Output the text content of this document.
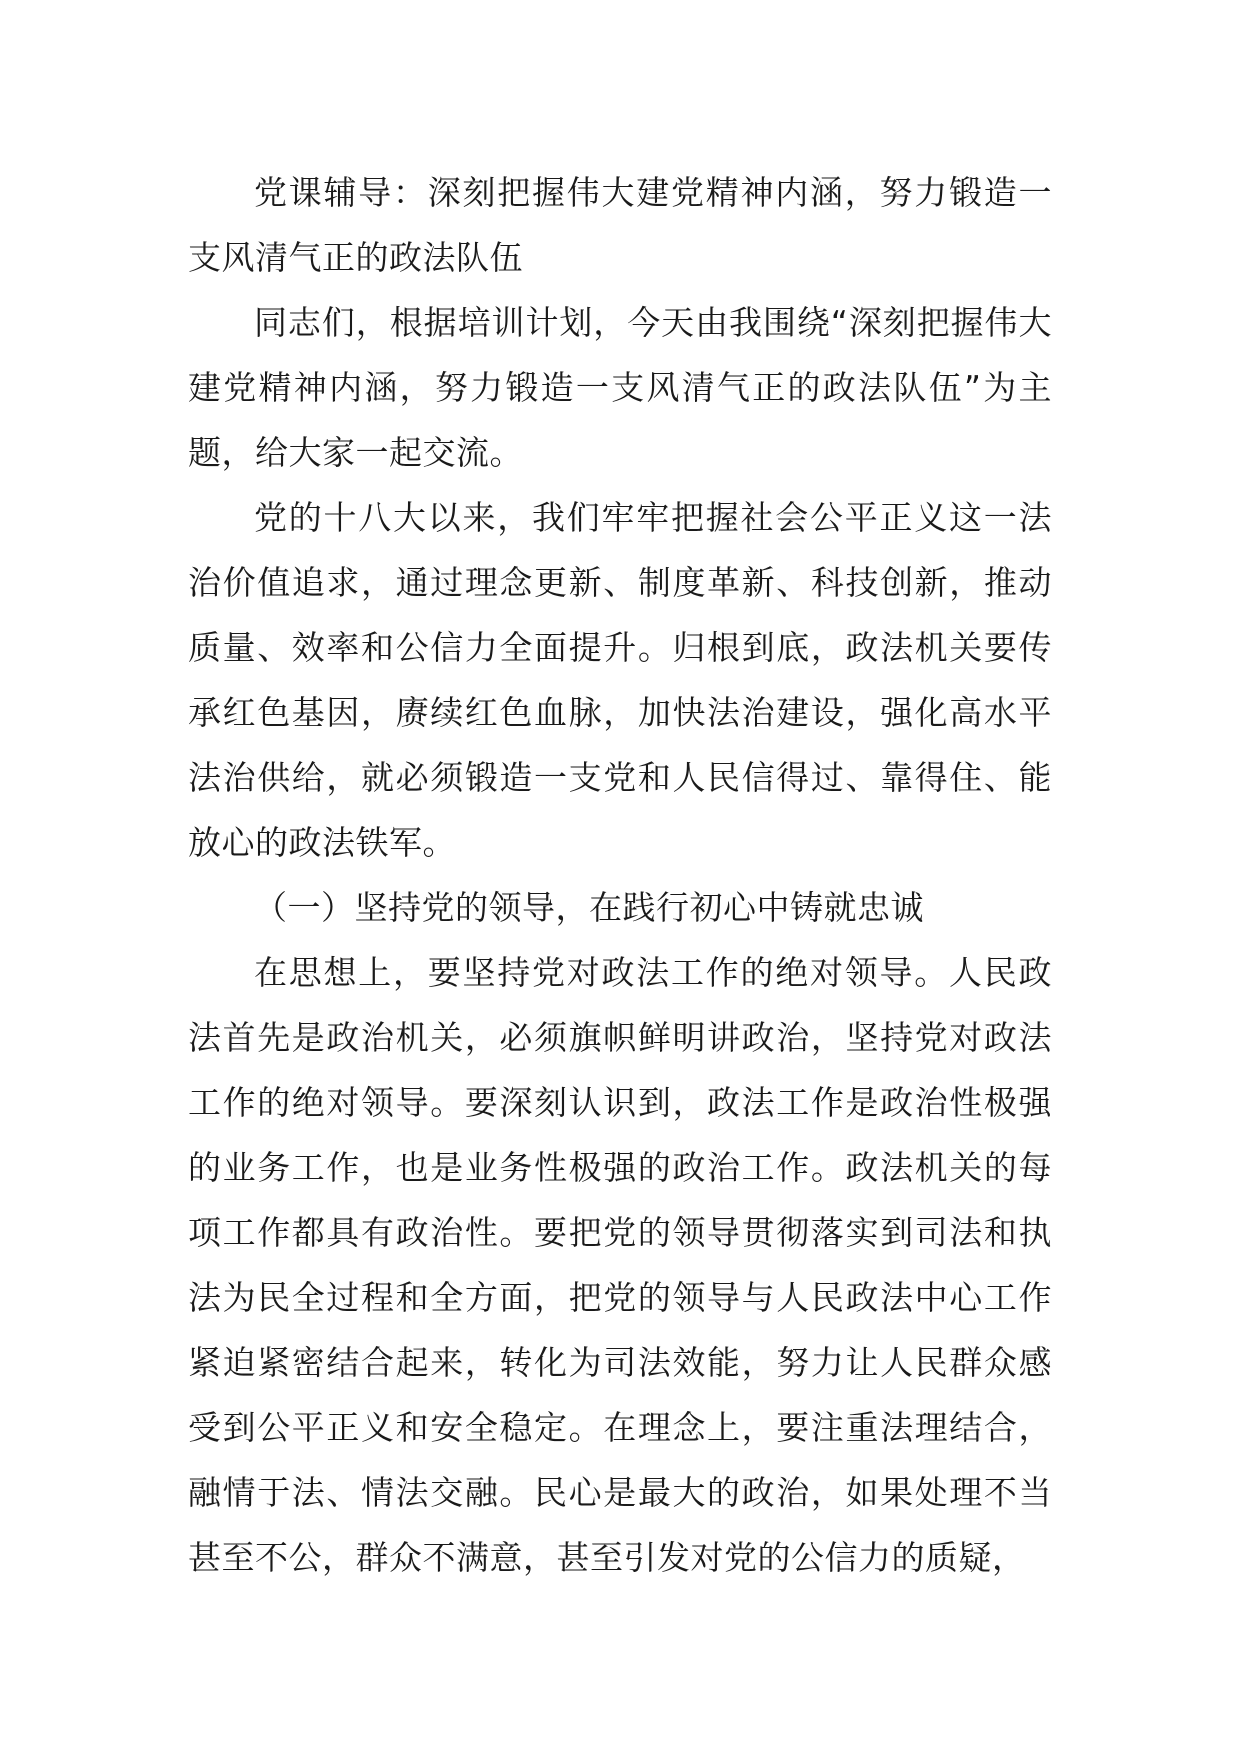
党课辅导：深刻把握伟大建党精神内涵，努力锻造一支风清气正的政法队伍

同志们，根据培训计划，今天由我围绕“深刻把握伟大建党精神内涵，努力锻造一支风清气正的政法队伍”为主题，给大家一起交流。

党的十八大以来，我们牢牢把握社会公平正义这一法治价值追求，通过理念更新、制度革新、科技创新，推动质量、效率和公信力全面提升。归根到底，政法机关要传承红色基因，赓续红色血脉，加快法治建设，强化高水平法治供给，就必须锻造一支党和人民信得过、靠得住、能放心的政法铁军。

（一）坚持党的领导，在践行初心中铸就忠诚

在思想上，要坚持党对政法工作的绝对领导。人民政法首先是政治机关，必须旗帜鲜明讲政治，坚持党对政法工作的绝对领导。要深刻认识到，政法工作是政治性极强的业务工作，也是业务性极强的政治工作。政法机关的每项工作都具有政治性。要把党的领导贯彻落实到司法和执法为民全过程和全方面，把党的领导与人民政法中心工作紧迫紧密结合起来，转化为司法效能，努力让人民群众感受到公平正义和安全稳定。在理念上，要注重法理结合，融情于法、情法交融。民心是最大的政治，如果处理不当甚至不公，群众不满意，甚至引发对党的公信力的质疑，
